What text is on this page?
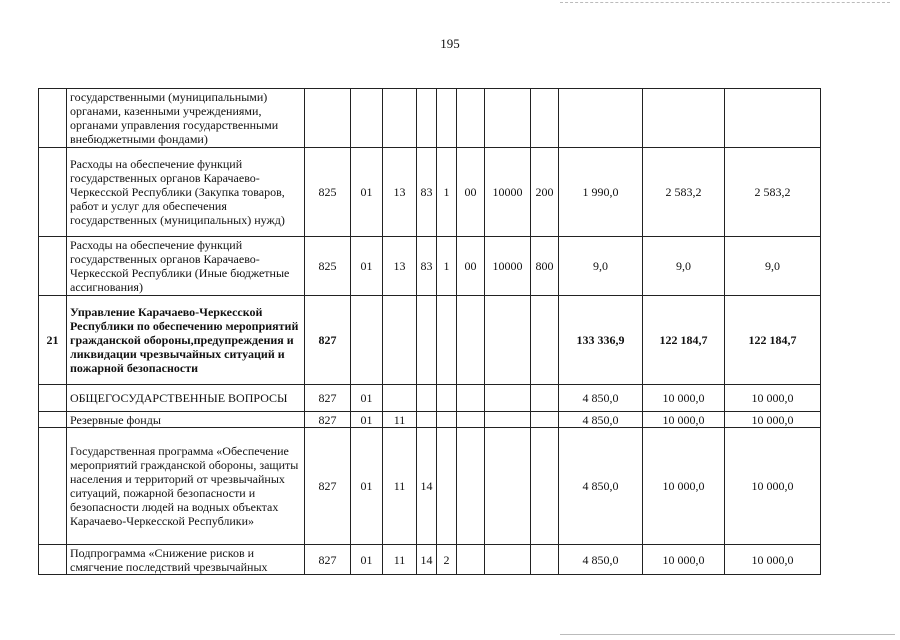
195
	государственными (муниципальными) органами, казенными учреждениями, органами управления государственными внебюджетными фондами)											
	Расходы на обеспечение функций государственных органов Карачаево-Черкесской Республики (Закупка товаров, работ и услуг для обеспечения государственных (муниципальных) нужд)	825	01	13	83	1	00	10000	200	1 990,0	2 583,2	2 583,2
	Расходы на обеспечение функций государственных органов Карачаево-Черкесской Республики (Иные бюджетные ассигнования)	825	01	13	83	1	00	10000	800	9,0	9,0	9,0
21	Управление Карачаево-Черкесской Республики по обеспечению мероприятий гражданской обороны,предупреждения и ликвидации чрезвычайных ситуаций и пожарной безопасности	827								133 336,9	122 184,7	122 184,7
	ОБЩЕГОСУДАРСТВЕННЫЕ ВОПРОСЫ	827	01							4 850,0	10 000,0	10 000,0
	Резервные фонды	827	01	11						4 850,0	10 000,0	10 000,0
	Государственная программа «Обеспечение мероприятий гражданской обороны, защиты населения и территорий от чрезвычайных ситуаций, пожарной безопасности и безопасности людей на водных объектах Карачаево-Черкесской Республики»	827	01	11	14					4 850,0	10 000,0	10 000,0
	Подпрограмма «Снижение рисков и смягчение последствий чрезвычайных	827	01	11	14	2				4 850,0	10 000,0	10 000,0
